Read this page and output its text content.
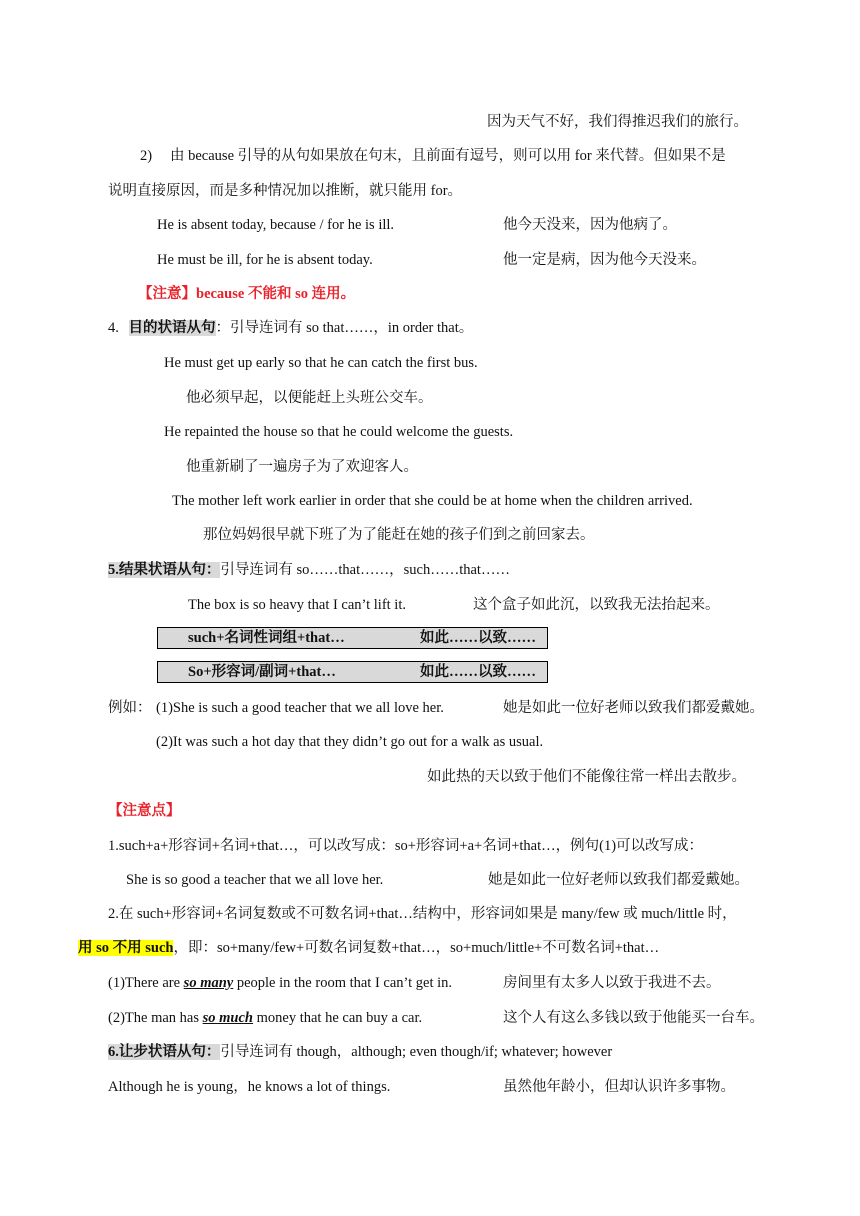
因为天气不好，我们得推迟我们的旅行。
2) 由 because 引导的从句如果放在句末，且前面有逗号，则可以用 for 来代替。但如果不是
说明直接原因，而是多种情况加以推断，就只能用 for。
He is absent today, because / for he is ill.	他今天没来，因为他病了。
He must be ill, for he is absent today.	他一定是病，因为他今天没来。
【注意】because 不能和 so 连用。
4. 目的状语从句：引导连词有 so that……，in order that。
He must get up early so that he can catch the first bus.
他必须早起，以便能赶上头班公交车。
He repainted the house so that he could welcome the guests.
他重新刷了一遍房子为了欢迎客人。
The mother left work earlier in order that she could be at home when the children arrived.
那位妈妈很早就下班了为了能赶在她的孩子们到之前回家去。
5.结果状语从句：引导连词有 so……that……，such……that……
The box is so heavy that I can’t lift it.	这个盒子如此沉，以致我无法抬起来。
such+名词性词组+that…	如此……以致……
So+形容词/副词+that…	如此……以致……
例如： (1)She is such a good teacher that we all love her.	她是如此一位好老师以致我们都爱戴她。
(2)It was such a hot day that they didn’t go out for a walk as usual.
如此热的天以致于他们不能像往常一样出去散步。
【注意点】
1.such+a+形容词+名词+that…，可以改写成：so+形容词+a+名词+that…，例句(1)可以改写成：
She is so good a teacher that we all love her.	她是如此一位好老师以致我们都爱戴她。
2.在 such+形容词+名词复数或不可数名词+that…结构中，形容词如果是 many/few 或 much/little 时，
用 so 不用 such，即：so+many/few+可数名词复数+that…，so+much/little+不可数名词+that…
(1)There are so many people in the room that I can’t get in.	房间里有太多人以致于我进不去。
(2)The man has so much money that he can buy a car.	这个人有这么多钱以致于他能买一台车。
6.让步状语从句：引导连词有 though，although; even though/if; whatever; however
Although he is young，he knows a lot of things.	虽然他年龄小，但却认识许多事物。
